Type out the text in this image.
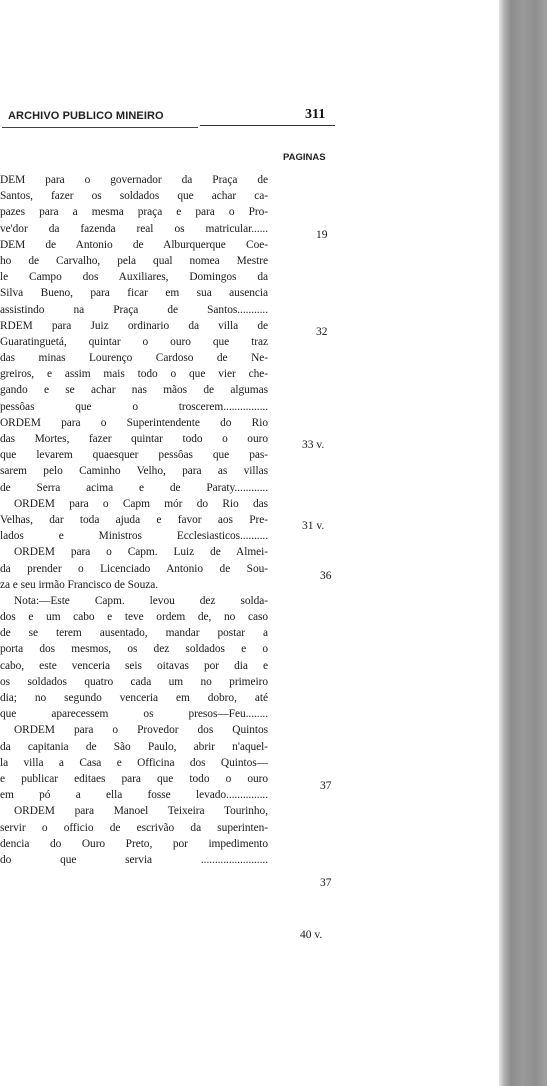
ARCHIVO PUBLICO MINEIRO	311
PAGINAS
DEM para o governador da Praça de
Santos, fazer os soldados que achar ca-
pazes para a mesma praça e para o Pro-
ve'dor da fazenda real os matricular......
DEM de Antonio de Alburquerque Coe-
ho de Carvalho, pela qual nomea Mestre
le Campo dos Auxiliares, Domingos da
Silva Bueno, para ficar em sua ausencia
assistindo na Praça de Santos...........
RDEM para Juiz ordinario da villa de
Guaratinguetá, quintar o ouro que traz
das minas Lourenço Cardoso de Ne-
greiros, e assim mais todo o que vier che-
gando e se achar nas mãos de algumas
pessôas que o troscerem................
ORDEM para o Superintendente do Rio
das Mortes, fazer quintar todo o ouro
que levarem quaesquer pessôas que pas-
sarem pelo Caminho Velho, para as villas
de Serra acima e de Paraty............
ORDEM para o Capm mór do Rio das
Velhas, dar toda ajuda e favor aos Pre-
lados e Ministros Ecclesiasticos..........
ORDEM para o Capm. Luiz de Almei-
da prender o Licenciado Antonio de Sou-
za e seu irmão Francisco de Souza.
Nota:—Este Capm. levou dez solda-
dos e um cabo e teve ordem de, no caso
de se terem ausentado, mandar postar a
porta dos mesmos, os dez soldados e o
cabo, este venceria seis oitavas por dia e
os soldados quatro cada um no primeiro
dia; no segundo venceria em dobro, até
que aparecessem os presos—Feu........
ORDEM para o Provedor dos Quintos
da capitania de São Paulo, abrir n'aquel-
la villa a Casa e Officina dos Quintos—
e publicar editaes para que todo o ouro
em pó a ella fosse levado...............
ORDEM para Manoel Teixeira Tourinho,
servir o officio de escrivão da superinten-
dencia do Ouro Preto, por impedimento
do que servia ........................
19
32
33 v.
31 v.
36
37
37
40 v.
